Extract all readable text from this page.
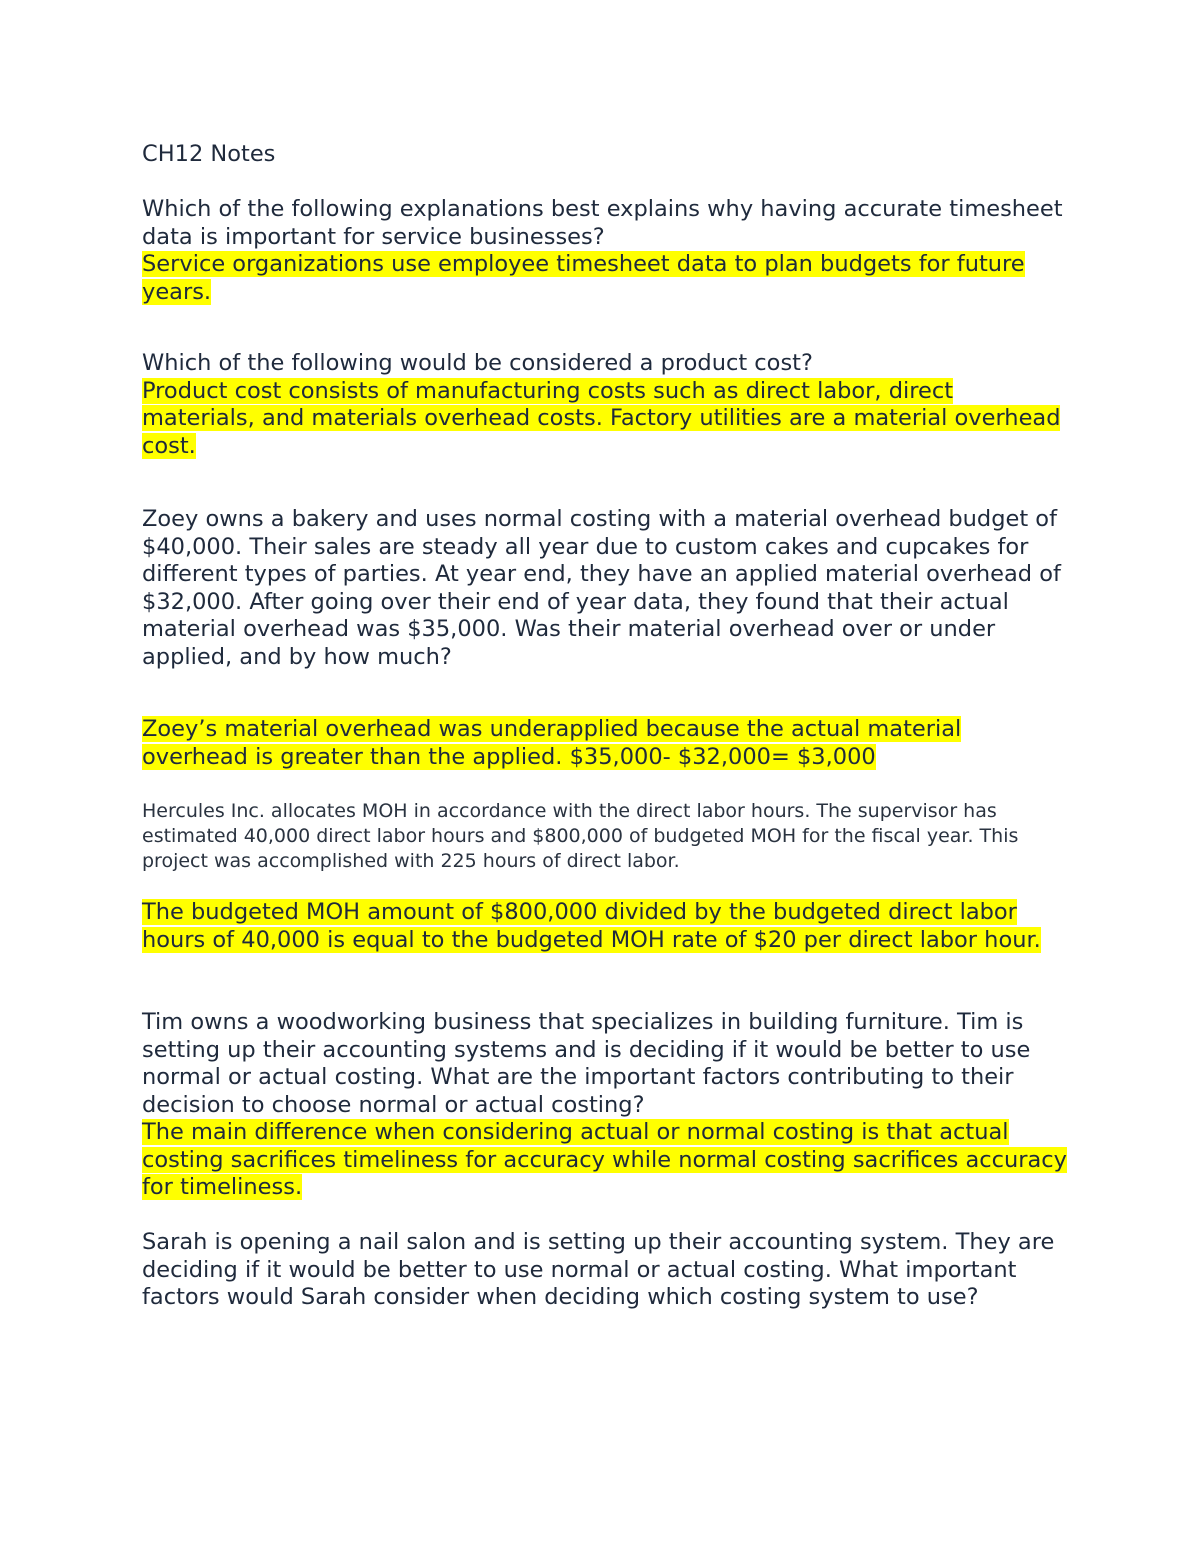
CH12 Notes

Which of the following explanations best explains why having accurate timesheet data is important for service businesses?
Service organizations use employee timesheet data to plan budgets for future years.
Which of the following would be considered a product cost?
Product cost consists of manufacturing costs such as direct labor, direct materials, and materials overhead costs. Factory utilities are a material overhead cost.
Zoey owns a bakery and uses normal costing with a material overhead budget of $40,000. Their sales are steady all year due to custom cakes and cupcakes for different types of parties. At year end, they have an applied material overhead of $32,000. After going over their end of year data, they found that their actual material overhead was $35,000. Was their material overhead over or under applied, and by how much?
Zoey’s material overhead was underapplied because the actual material overhead is greater than the applied. $35,000- $32,000= $3,000
Hercules Inc. allocates MOH in accordance with the direct labor hours. The supervisor has estimated 40,000 direct labor hours and $800,000 of budgeted MOH for the fiscal year. This project was accomplished with 225 hours of direct labor.
The budgeted MOH amount of $800,000 divided by the budgeted direct labor hours of 40,000 is equal to the budgeted MOH rate of $20 per direct labor hour.
Tim owns a woodworking business that specializes in building furniture. Tim is setting up their accounting systems and is deciding if it would be better to use normal or actual costing. What are the important factors contributing to their decision to choose normal or actual costing?
The main difference when considering actual or normal costing is that actual costing sacrifices timeliness for accuracy while normal costing sacrifices accuracy for timeliness.
Sarah is opening a nail salon and is setting up their accounting system. They are deciding if it would be better to use normal or actual costing. What important factors would Sarah consider when deciding which costing system to use?
